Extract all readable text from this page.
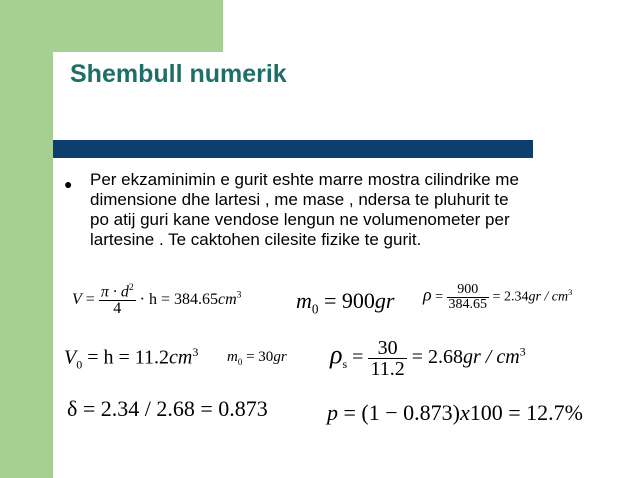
Shembull numerik
● Per ekzaminimin e gurit eshte marre mostra cilindrike me
dimensione dhe lartesi , me mase , ndersa te pluhurit te
po atij guri kane vendose lengun ne volumenometer per
lartesine . Te caktohen cilesite fizike te gurit.
$V = \frac{\pi \cdot d^2}{4} \cdot h = 384.65cm^3$ $m_0 = 900gr$ $\rho = \frac{900}{384.65} = 2.34gr / cm^3$
$V_0 = h = 11.2cm^3$ $m_0 = 30gr$ $\rho_s = \frac{30}{11.2} = 2.68gr / cm^3$
δ = 2.34 / 2.68 = 0.873	p = (1 − 0.873)x100 = 12.7%
